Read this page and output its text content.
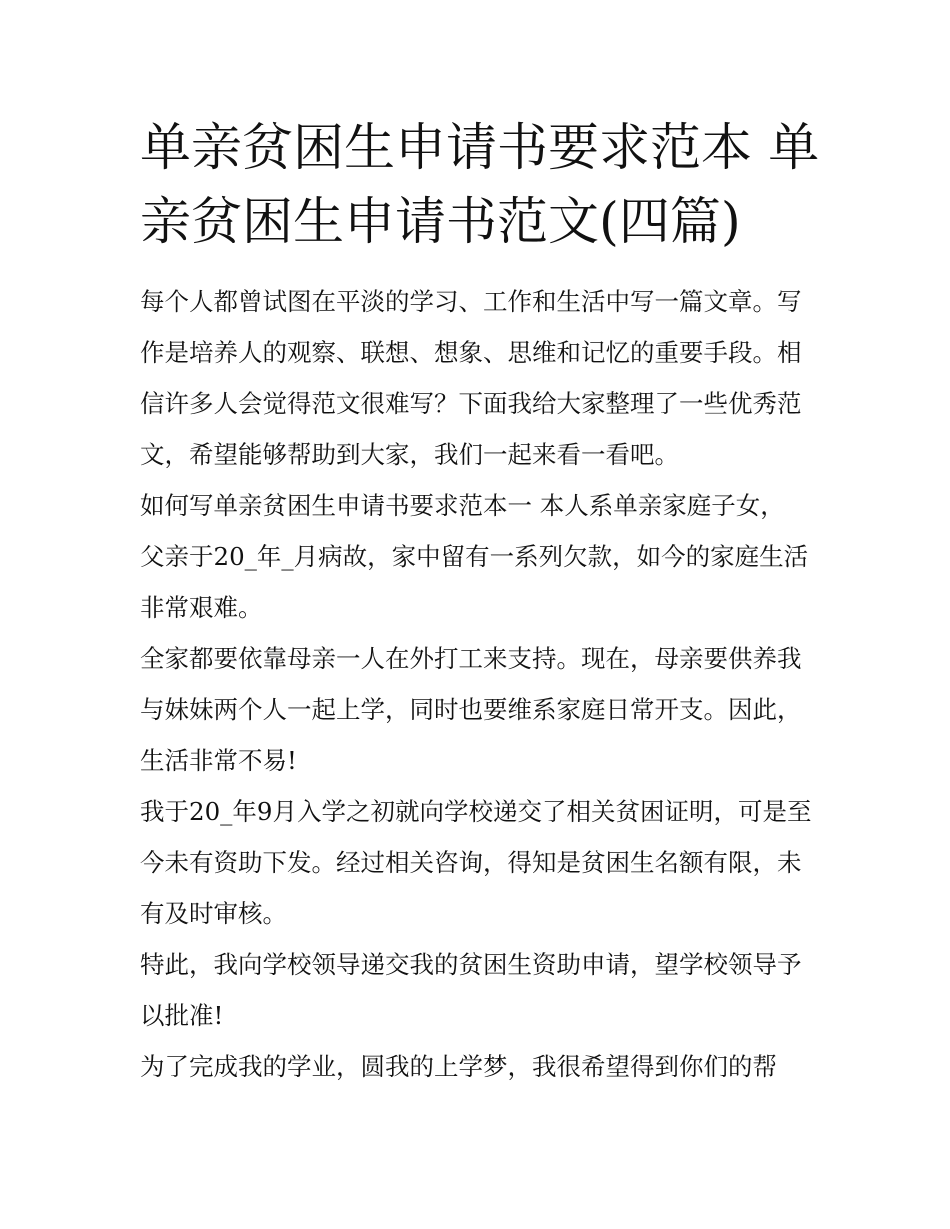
单亲贫困生申请书要求范本 单亲贫困生申请书范文(四篇)

每个人都曾试图在平淡的学习、工作和生活中写一篇文章。写作是培养人的观察、联想、想象、思维和记忆的重要手段。相信许多人会觉得范文很难写？下面我给大家整理了一些优秀范文，希望能够帮助到大家，我们一起来看一看吧。

如何写单亲贫困生申请书要求范本一 本人系单亲家庭子女，

父亲于20_年_月病故，家中留有一系列欠款，如今的家庭生活非常艰难。

全家都要依靠母亲一人在外打工来支持。现在，母亲要供养我与妹妹两个人一起上学，同时也要维系家庭日常开支。因此，生活非常不易!

我于20_年9月入学之初就向学校递交了相关贫困证明，可是至今未有资助下发。经过相关咨询，得知是贫困生名额有限，未有及时审核。

特此，我向学校领导递交我的贫困生资助申请，望学校领导予以批准!

为了完成我的学业，圆我的上学梦，我很希望得到你们的帮
